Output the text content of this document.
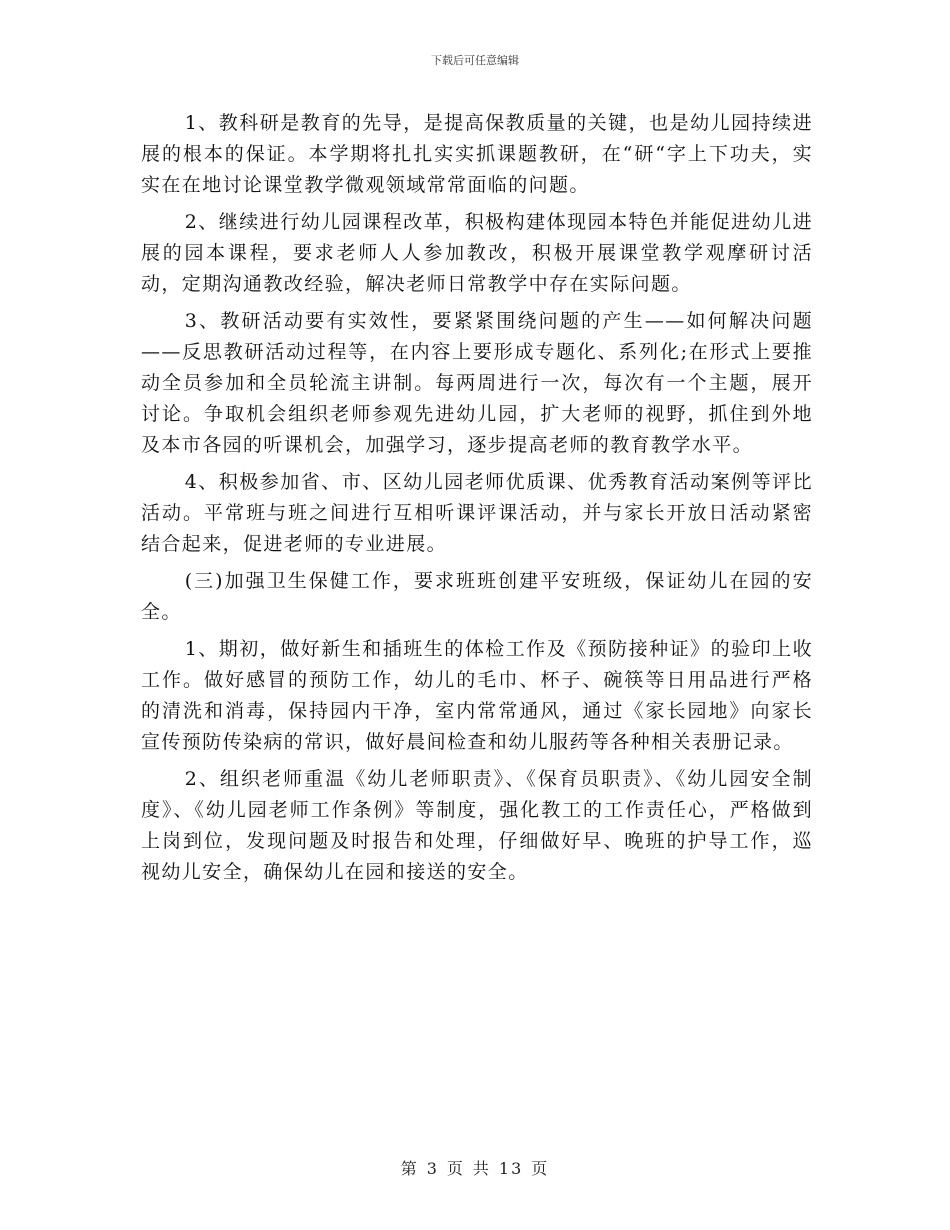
下载后可任意编辑

1、教科研是教育的先导，是提高保教质量的关键，也是幼儿园持续进展的根本的保证。本学期将扎扎实实抓课题教研，在“研“字上下功夫，实实在在地讨论课堂教学微观领域常常面临的问题。

2、继续进行幼儿园课程改革，积极构建体现园本特色并能促进幼儿进展的园本课程，要求老师人人参加教改，积极开展课堂教学观摩研讨活动，定期沟通教改经验，解决老师日常教学中存在实际问题。

3、教研活动要有实效性，要紧紧围绕问题的产生——如何解决问题——反思教研活动过程等，在内容上要形成专题化、系列化;在形式上要推动全员参加和全员轮流主讲制。每两周进行一次，每次有一个主题，展开讨论。争取机会组织老师参观先进幼儿园，扩大老师的视野，抓住到外地及本市各园的听课机会，加强学习，逐步提高老师的教育教学水平。

4、积极参加省、市、区幼儿园老师优质课、优秀教育活动案例等评比活动。平常班与班之间进行互相听课评课活动，并与家长开放日活动紧密结合起来，促进老师的专业进展。

(三)加强卫生保健工作，要求班班创建平安班级，保证幼儿在园的安全。

1、期初，做好新生和插班生的体检工作及《预防接种证》的验印上收工作。做好感冒的预防工作，幼儿的毛巾、杯子、碗筷等日用品进行严格的清洗和消毒，保持园内干净，室内常常通风，通过《家长园地》向家长宣传预防传染病的常识，做好晨间检查和幼儿服药等各种相关表册记录。

2、组织老师重温《幼儿老师职责》、《保育员职责》、《幼儿园安全制度》、《幼儿园老师工作条例》等制度，强化教工的工作责任心，严格做到上岗到位，发现问题及时报告和处理，仔细做好早、晚班的护导工作，巡视幼儿安全，确保幼儿在园和接送的安全。

第 3 页 共 13 页
